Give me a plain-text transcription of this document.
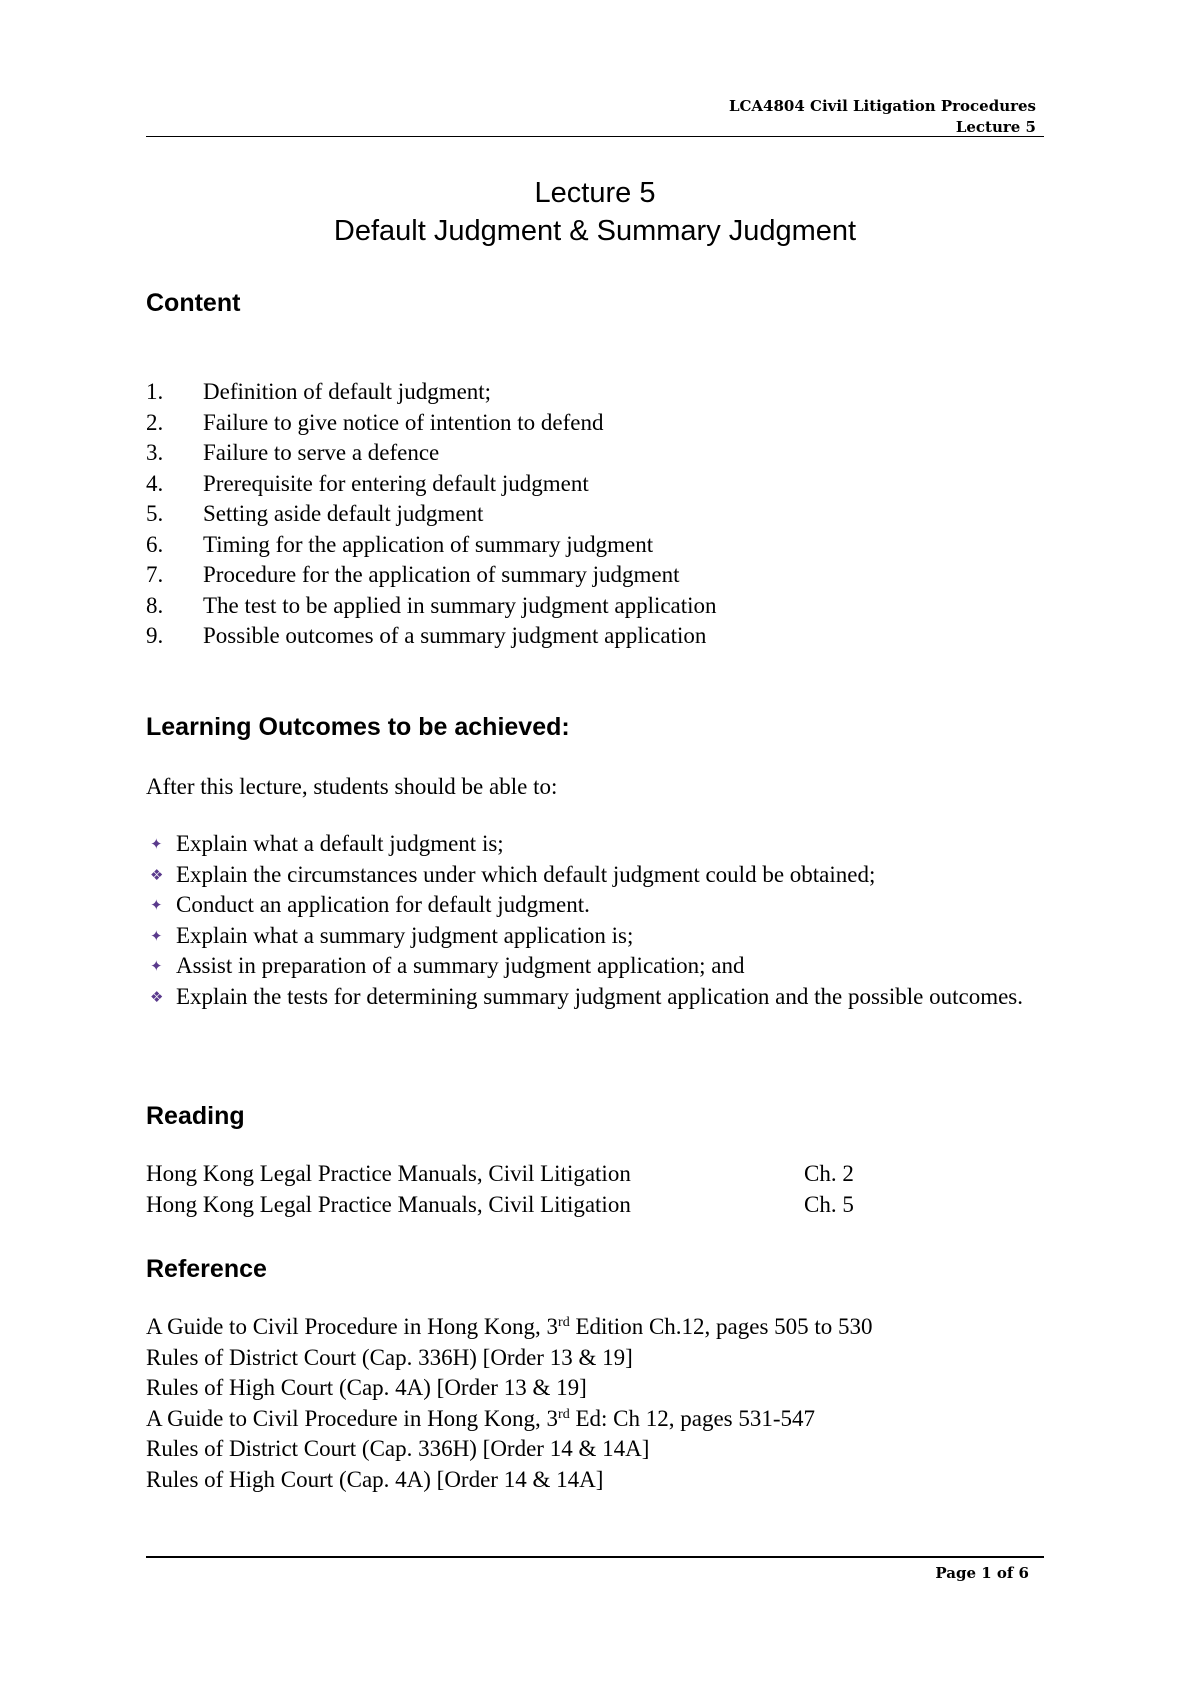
LCA4804 Civil Litigation Procedures
Lecture 5
Lecture 5
Default Judgment & Summary Judgment
Content
1.	Definition of default judgment;
2.	Failure to give notice of intention to defend
3.	Failure to serve a defence
4.	Prerequisite for entering default judgment
5.	Setting aside default judgment
6.	Timing for the application of summary judgment
7.	Procedure for the application of summary judgment
8.	The test to be applied in summary judgment application
9.	Possible outcomes of a summary judgment application
Learning Outcomes to be achieved:

After this lecture, students should be able to:

✦ Explain what a default judgment is;
❖ Explain the circumstances under which default judgment could be obtained;
✦ Conduct an application for default judgment.
✦ Explain what a summary judgment application is;
✦ Assist in preparation of a summary judgment application; and
❖ Explain the tests for determining summary judgment application and the possible outcomes.
Reading
Hong Kong Legal Practice Manuals, Civil Litigation	Ch. 2
Hong Kong Legal Practice Manuals, Civil Litigation	Ch. 5
Reference
A Guide to Civil Procedure in Hong Kong, 3rd Edition Ch.12, pages 505 to 530
Rules of District Court (Cap. 336H) [Order 13 & 19]
Rules of High Court (Cap. 4A) [Order 13 & 19]
A Guide to Civil Procedure in Hong Kong, 3rd Ed: Ch 12, pages 531-547
Rules of District Court (Cap. 336H) [Order 14 & 14A]
Rules of High Court (Cap. 4A) [Order 14 & 14A]
Page 1 of 6
